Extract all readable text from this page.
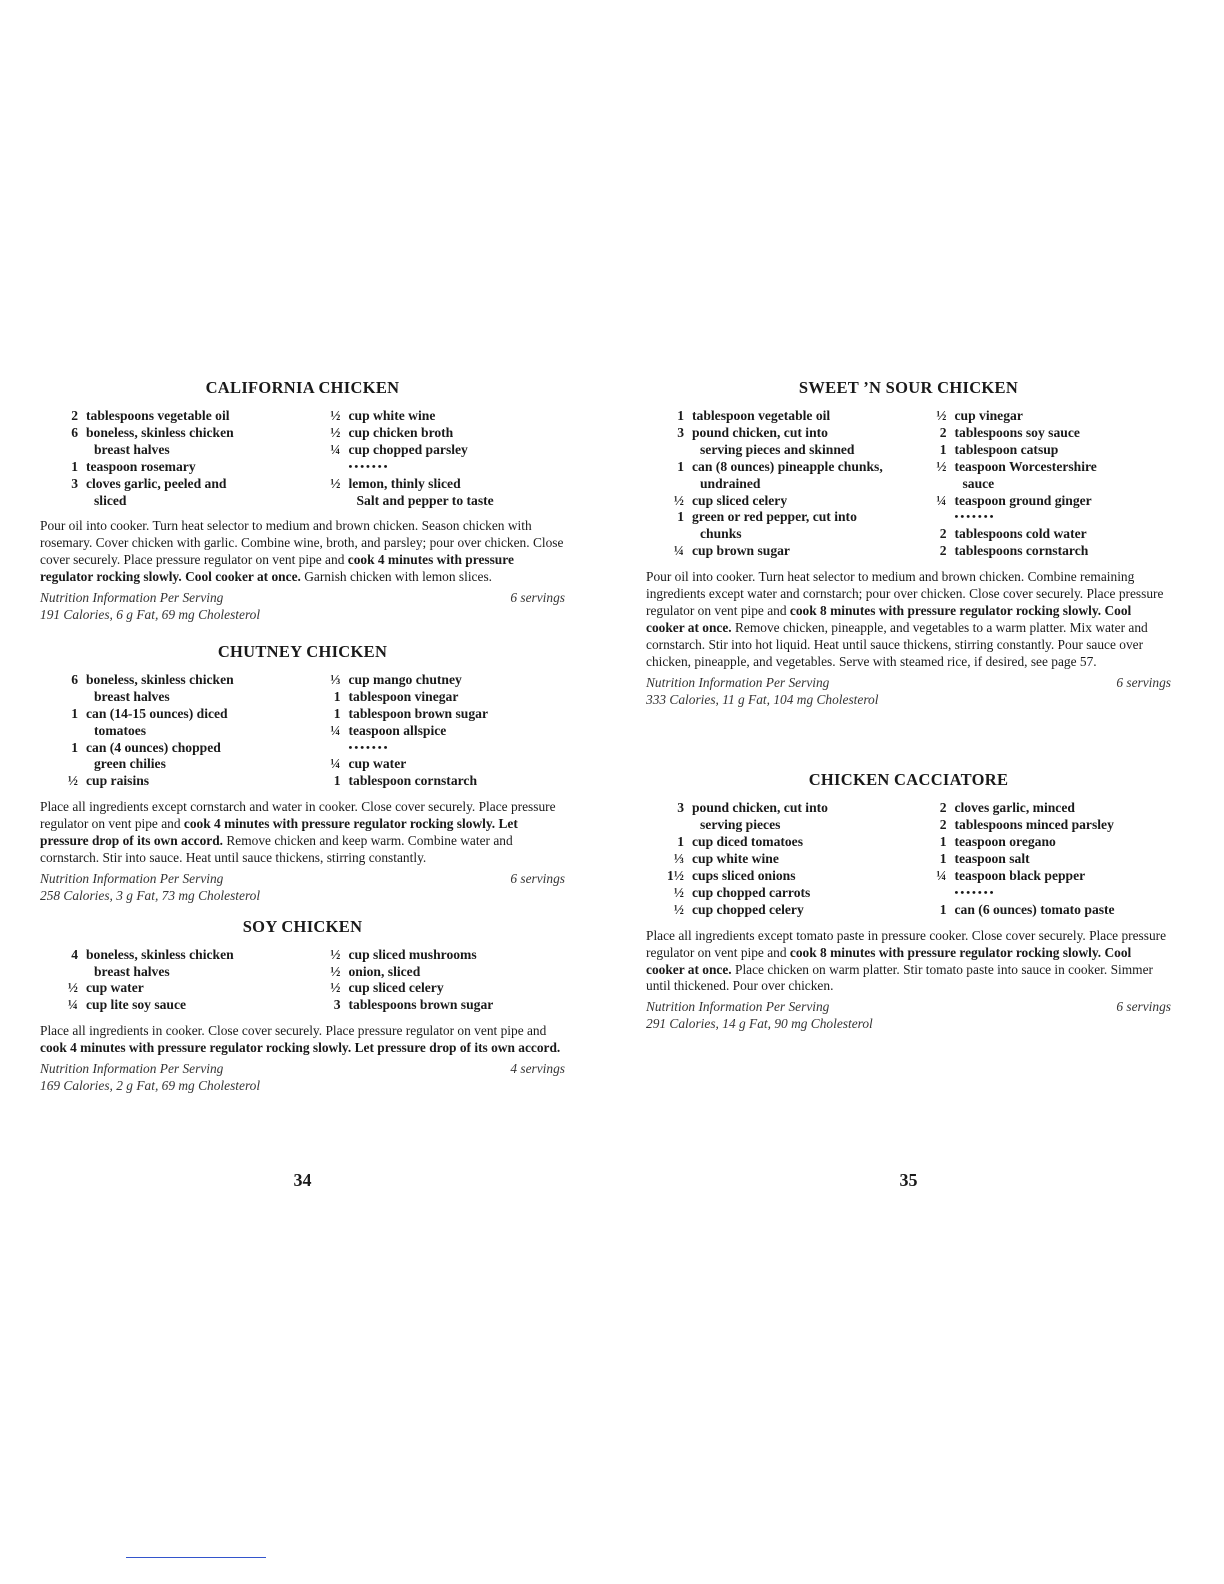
CALIFORNIA CHICKEN
2 tablespoons vegetable oil
6 boneless, skinless chicken
breast halves
1 teaspoon rosemary
3 cloves garlic, peeled and
sliced
½ cup white wine
½ cup chicken broth
¼ cup chopped parsley
•••••••
½ lemon, thinly sliced
Salt and pepper to taste
Pour oil into cooker. Turn heat selector to medium and brown chicken. Season chicken with rosemary. Cover chicken with garlic. Combine wine, broth, and parsley; pour over chicken. Close cover securely. Place pressure regulator on vent pipe and cook 4 minutes with pressure regulator rocking slowly. Cool cooker at once. Garnish chicken with lemon slices.
Nutrition Information Per Serving	6 servings
191 Calories, 6 g Fat, 69 mg Cholesterol
CHUTNEY CHICKEN
6 boneless, skinless chicken
breast halves
1 can (14-15 ounces) diced
tomatoes
1 can (4 ounces) chopped
green chilies
½ cup raisins
⅓ cup mango chutney
1 tablespoon vinegar
1 tablespoon brown sugar
¼ teaspoon allspice
•••••••
¼ cup water
1 tablespoon cornstarch
Place all ingredients except cornstarch and water in cooker. Close cover securely. Place pressure regulator on vent pipe and cook 4 minutes with pressure regulator rocking slowly. Let pressure drop of its own accord. Remove chicken and keep warm. Combine water and cornstarch. Stir into sauce. Heat until sauce thickens, stirring constantly.
Nutrition Information Per Serving	6 servings
258 Calories, 3 g Fat, 73 mg Cholesterol
SOY CHICKEN
4 boneless, skinless chicken
breast halves
½ cup water
¼ cup lite soy sauce
½ cup sliced mushrooms
½ onion, sliced
½ cup sliced celery
3 tablespoons brown sugar
Place all ingredients in cooker. Close cover securely. Place pressure regulator on vent pipe and cook 4 minutes with pressure regulator rocking slowly. Let pressure drop of its own accord.
Nutrition Information Per Serving	4 servings
169 Calories, 2 g Fat, 69 mg Cholesterol
34
SWEET ’N SOUR CHICKEN
1 tablespoon vegetable oil
3 pound chicken, cut into
serving pieces and skinned
1 can (8 ounces) pineapple chunks,
undrained
½ cup sliced celery
1 green or red pepper, cut into
chunks
¼ cup brown sugar
½ cup vinegar
2 tablespoons soy sauce
1 tablespoon catsup
½ teaspoon Worcestershire
sauce
¼ teaspoon ground ginger
•••••••
2 tablespoons cold water
2 tablespoons cornstarch
Pour oil into cooker. Turn heat selector to medium and brown chicken. Combine remaining ingredients except water and cornstarch; pour over chicken. Close cover securely. Place pressure regulator on vent pipe and cook 8 minutes with pressure regulator rocking slowly. Cool cooker at once. Remove chicken, pineapple, and vegetables to a warm platter. Mix water and cornstarch. Stir into hot liquid. Heat until sauce thickens, stirring constantly. Pour sauce over chicken, pineapple, and vegetables. Serve with steamed rice, if desired, see page 57.
Nutrition Information Per Serving	6 servings
333 Calories, 11 g Fat, 104 mg Cholesterol
CHICKEN CACCIATORE
3 pound chicken, cut into
serving pieces
1 cup diced tomatoes
⅓ cup white wine
1½ cups sliced onions
½ cup chopped carrots
½ cup chopped celery
2 cloves garlic, minced
2 tablespoons minced parsley
1 teaspoon oregano
1 teaspoon salt
¼ teaspoon black pepper
•••••••
1 can (6 ounces) tomato paste
Place all ingredients except tomato paste in pressure cooker. Close cover securely. Place pressure regulator on vent pipe and cook 8 minutes with pressure regulator rocking slowly. Cool cooker at once. Place chicken on warm platter. Stir tomato paste into sauce in cooker. Simmer until thickened. Pour over chicken.
Nutrition Information Per Serving	6 servings
291 Calories, 14 g Fat, 90 mg Cholesterol
35
